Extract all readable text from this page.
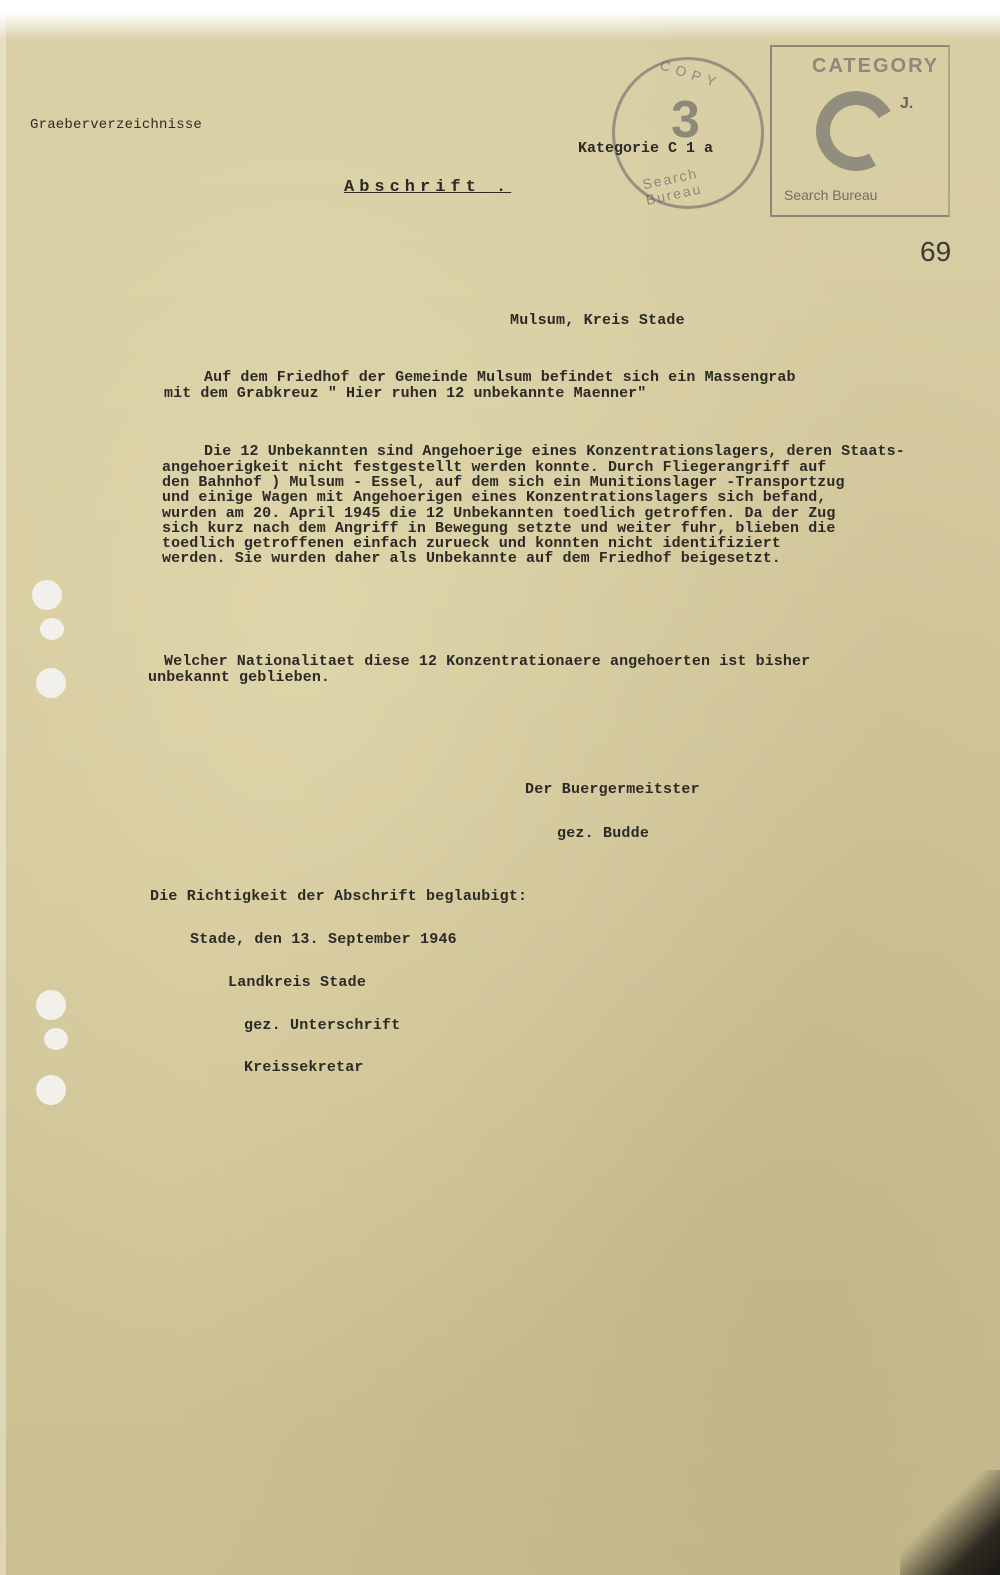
Graeberverzeichnisse
Abschrift .
COPY
3
Search Bureau
Kategorie C 1 a
CATEGORY
J.
Search Bureau
69
Mulsum, Kreis Stade
Auf dem Friedhof der Gemeinde Mulsum befindet sich ein Massengrab
mit dem Grabkreuz " Hier ruhen 12 unbekannte Maenner"
Die 12 Unbekannten sind Angehoerige eines Konzentrationslagers, deren Staats-
angehoerigkeit nicht festgestellt werden konnte. Durch Fliegerangriff auf
den Bahnhof ) Mulsum - Essel, auf dem sich ein Munitionslager -Transportzug
und einige Wagen mit Angehoerigen eines Konzentrationslagers sich befand,
wurden am 20. April 1945 die 12 Unbekannten toedlich getroffen. Da der Zug
sich kurz nach dem Angriff in Bewegung setzte und weiter fuhr, blieben die
toedlich getroffenen einfach zurueck und konnten nicht identifiziert
werden. Sie wurden daher als Unbekannte auf dem Friedhof beigesetzt.
Welcher Nationalitaet diese 12 Konzentrationaere angehoerten ist bisher
unbekannt geblieben.
Der Buergermeitster
gez. Budde
Die Richtigkeit der Abschrift beglaubigt:
Stade, den 13. September 1946
Landkreis Stade
gez. Unterschrift
Kreissekretar
